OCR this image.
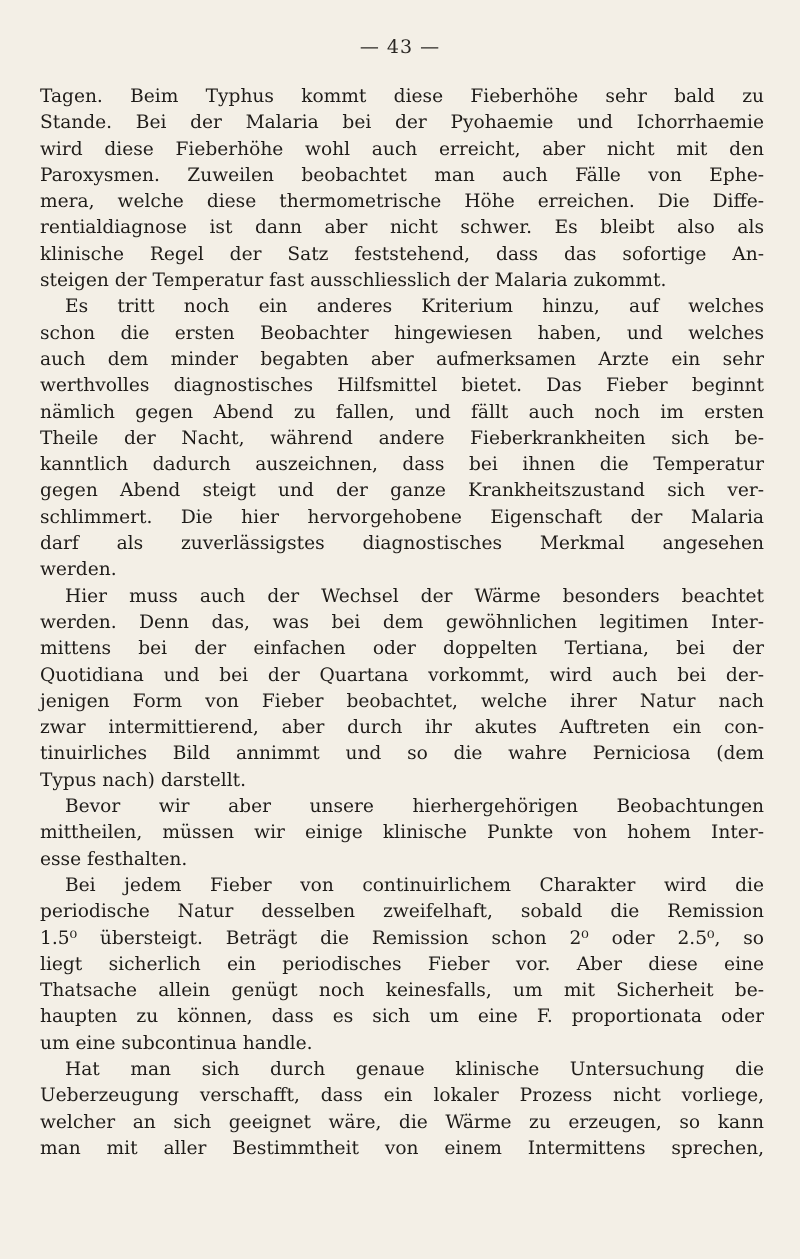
— 43 —
Tagen. Beim Typhus kommt diese Fieberhöhe sehr bald zu
Stande. Bei der Malaria bei der Pyohaemie und Ichorrhaemie
wird diese Fieberhöhe wohl auch erreicht, aber nicht mit den
Paroxysmen. Zuweilen beobachtet man auch Fälle von Ephe-
mera, welche diese thermometrische Höhe erreichen. Die Diffe-
rentialdiagnose ist dann aber nicht schwer. Es bleibt also als
klinische Regel der Satz feststehend, dass das sofortige An-
steigen der Temperatur fast ausschliesslich der Malaria zukommt.
Es tritt noch ein anderes Kriterium hinzu, auf welches
schon die ersten Beobachter hingewiesen haben, und welches
auch dem minder begabten aber aufmerksamen Arzte ein sehr
werthvolles diagnostisches Hilfsmittel bietet. Das Fieber beginnt
nämlich gegen Abend zu fallen, und fällt auch noch im ersten
Theile der Nacht, während andere Fieberkrankheiten sich be-
kanntlich dadurch auszeichnen, dass bei ihnen die Temperatur
gegen Abend steigt und der ganze Krankheitszustand sich ver-
schlimmert. Die hier hervorgehobene Eigenschaft der Malaria
darf als zuverlässigstes diagnostisches Merkmal angesehen
werden.
Hier muss auch der Wechsel der Wärme besonders beachtet
werden. Denn das, was bei dem gewöhnlichen legitimen Inter-
mittens bei der einfachen oder doppelten Tertiana, bei der
Quotidiana und bei der Quartana vorkommt, wird auch bei der-
jenigen Form von Fieber beobachtet, welche ihrer Natur nach
zwar intermittierend, aber durch ihr akutes Auftreten ein con-
tinuirliches Bild annimmt und so die wahre Perniciosa (dem
Typus nach) darstellt.
Bevor wir aber unsere hierhergehörigen Beobachtungen
mittheilen, müssen wir einige klinische Punkte von hohem Inter-
esse festhalten.
Bei jedem Fieber von continuirlichem Charakter wird die
periodische Natur desselben zweifelhaft, sobald die Remission
1.5⁰ übersteigt. Beträgt die Remission schon 2⁰ oder 2.5⁰, so
liegt sicherlich ein periodisches Fieber vor. Aber diese eine
Thatsache allein genügt noch keinesfalls, um mit Sicherheit be-
haupten zu können, dass es sich um eine F. proportionata oder
um eine subcontinua handle.
Hat man sich durch genaue klinische Untersuchung die
Ueberzeugung verschafft, dass ein lokaler Prozess nicht vorliege,
welcher an sich geeignet wäre, die Wärme zu erzeugen, so kann
man mit aller Bestimmtheit von einem Intermittens sprechen,
